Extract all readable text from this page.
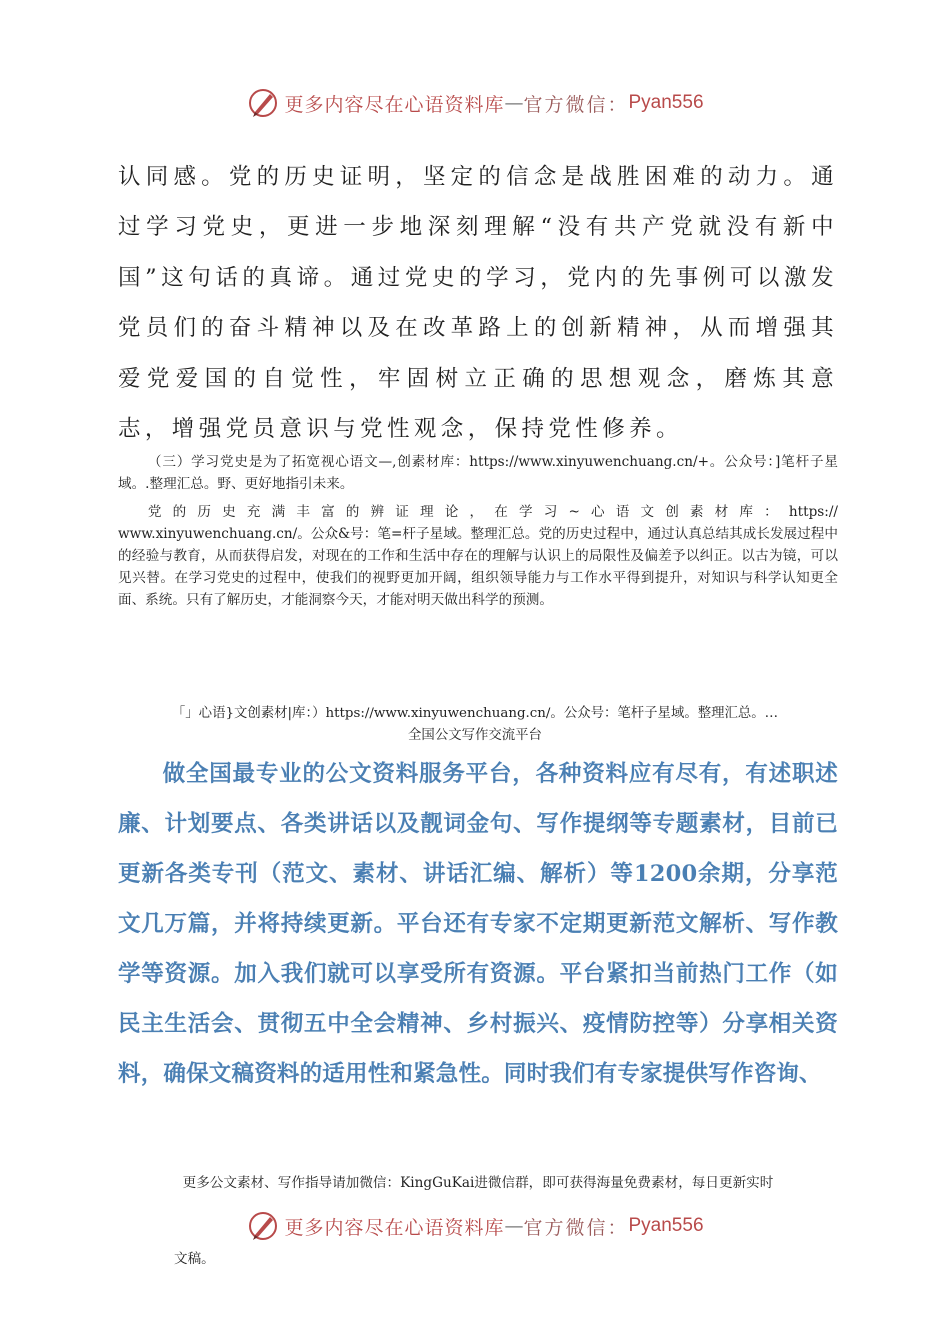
更多内容尽在心语资料库 — 官方微信： Pyan556

认同感。党的历史证明，坚定的信念是战胜困难的动力。通过学习党史，更进一步地深刻理解“没有共产党就没有新中国”这句话的真谛。通过党史的学习，党内的先事例可以激发党员们的奋斗精神以及在改革路上的创新精神，从而增强其爱党爱国的自觉性，牢固树立正确的思想观念，磨炼其意志，增强党员意识与党性观念，保持党性修养。

（三）学习党史是为了拓宽视心语文—,创素材库：https://www.xinyuwenchuang.cn/+。公众号：]笔杆子星域。.整理汇总。野、更好地指引未来。

党的历史充满丰富的辨证理论，在学习~心语文创素材库：https://

www.xinyuwenchuang.cn/。公众&号：笔=杆子星域。整理汇总。党的历史过程中，通过认真总结其成长发展过程中的经验与教育，从而获得启发，对现在的工作和生活中存在的理解与认识上的局限性及偏差予以纠正。以古为镜，可以见兴替。在学习党史的过程中，使我们的视野更加开阔，组织领导能力与工作水平得到提升，对知识与科学认知更全面、系统。只有了解历史，才能洞察今天，才能对明天做出科学的预测。

「」心语}文创素材|库：）https://www.xinyuwenchuang.cn/。公众号：笔杆子星域。整理汇总。…
全国公文写作交流平台

做全国最专业的公文资料服务平台，各种资料应有尽有，有述职述廉、计划要点、各类讲话以及靓词金句、写作提纲等专题素材，目前已更新各类专刊（范文、素材、讲话汇编、解析）等1200余期，分享范文几万篇，并将持续更新。平台还有专家不定期更新范文解析、写作教学等资源。加入我们就可以享受所有资源。平台紧扣当前热门工作（如民主生活会、贯彻五中全会精神、乡村振兴、疫情防控等）分享相关资料，确保文稿资料的适用性和紧急性。同时我们有专家提供写作咨询、

更多公文素材、写作指导请加微信：KingGuKai进微信群，即可获得海量免费素材，每日更新实时
更多内容尽在心语资料库 — 官方微信： Pyan556
文稿。
